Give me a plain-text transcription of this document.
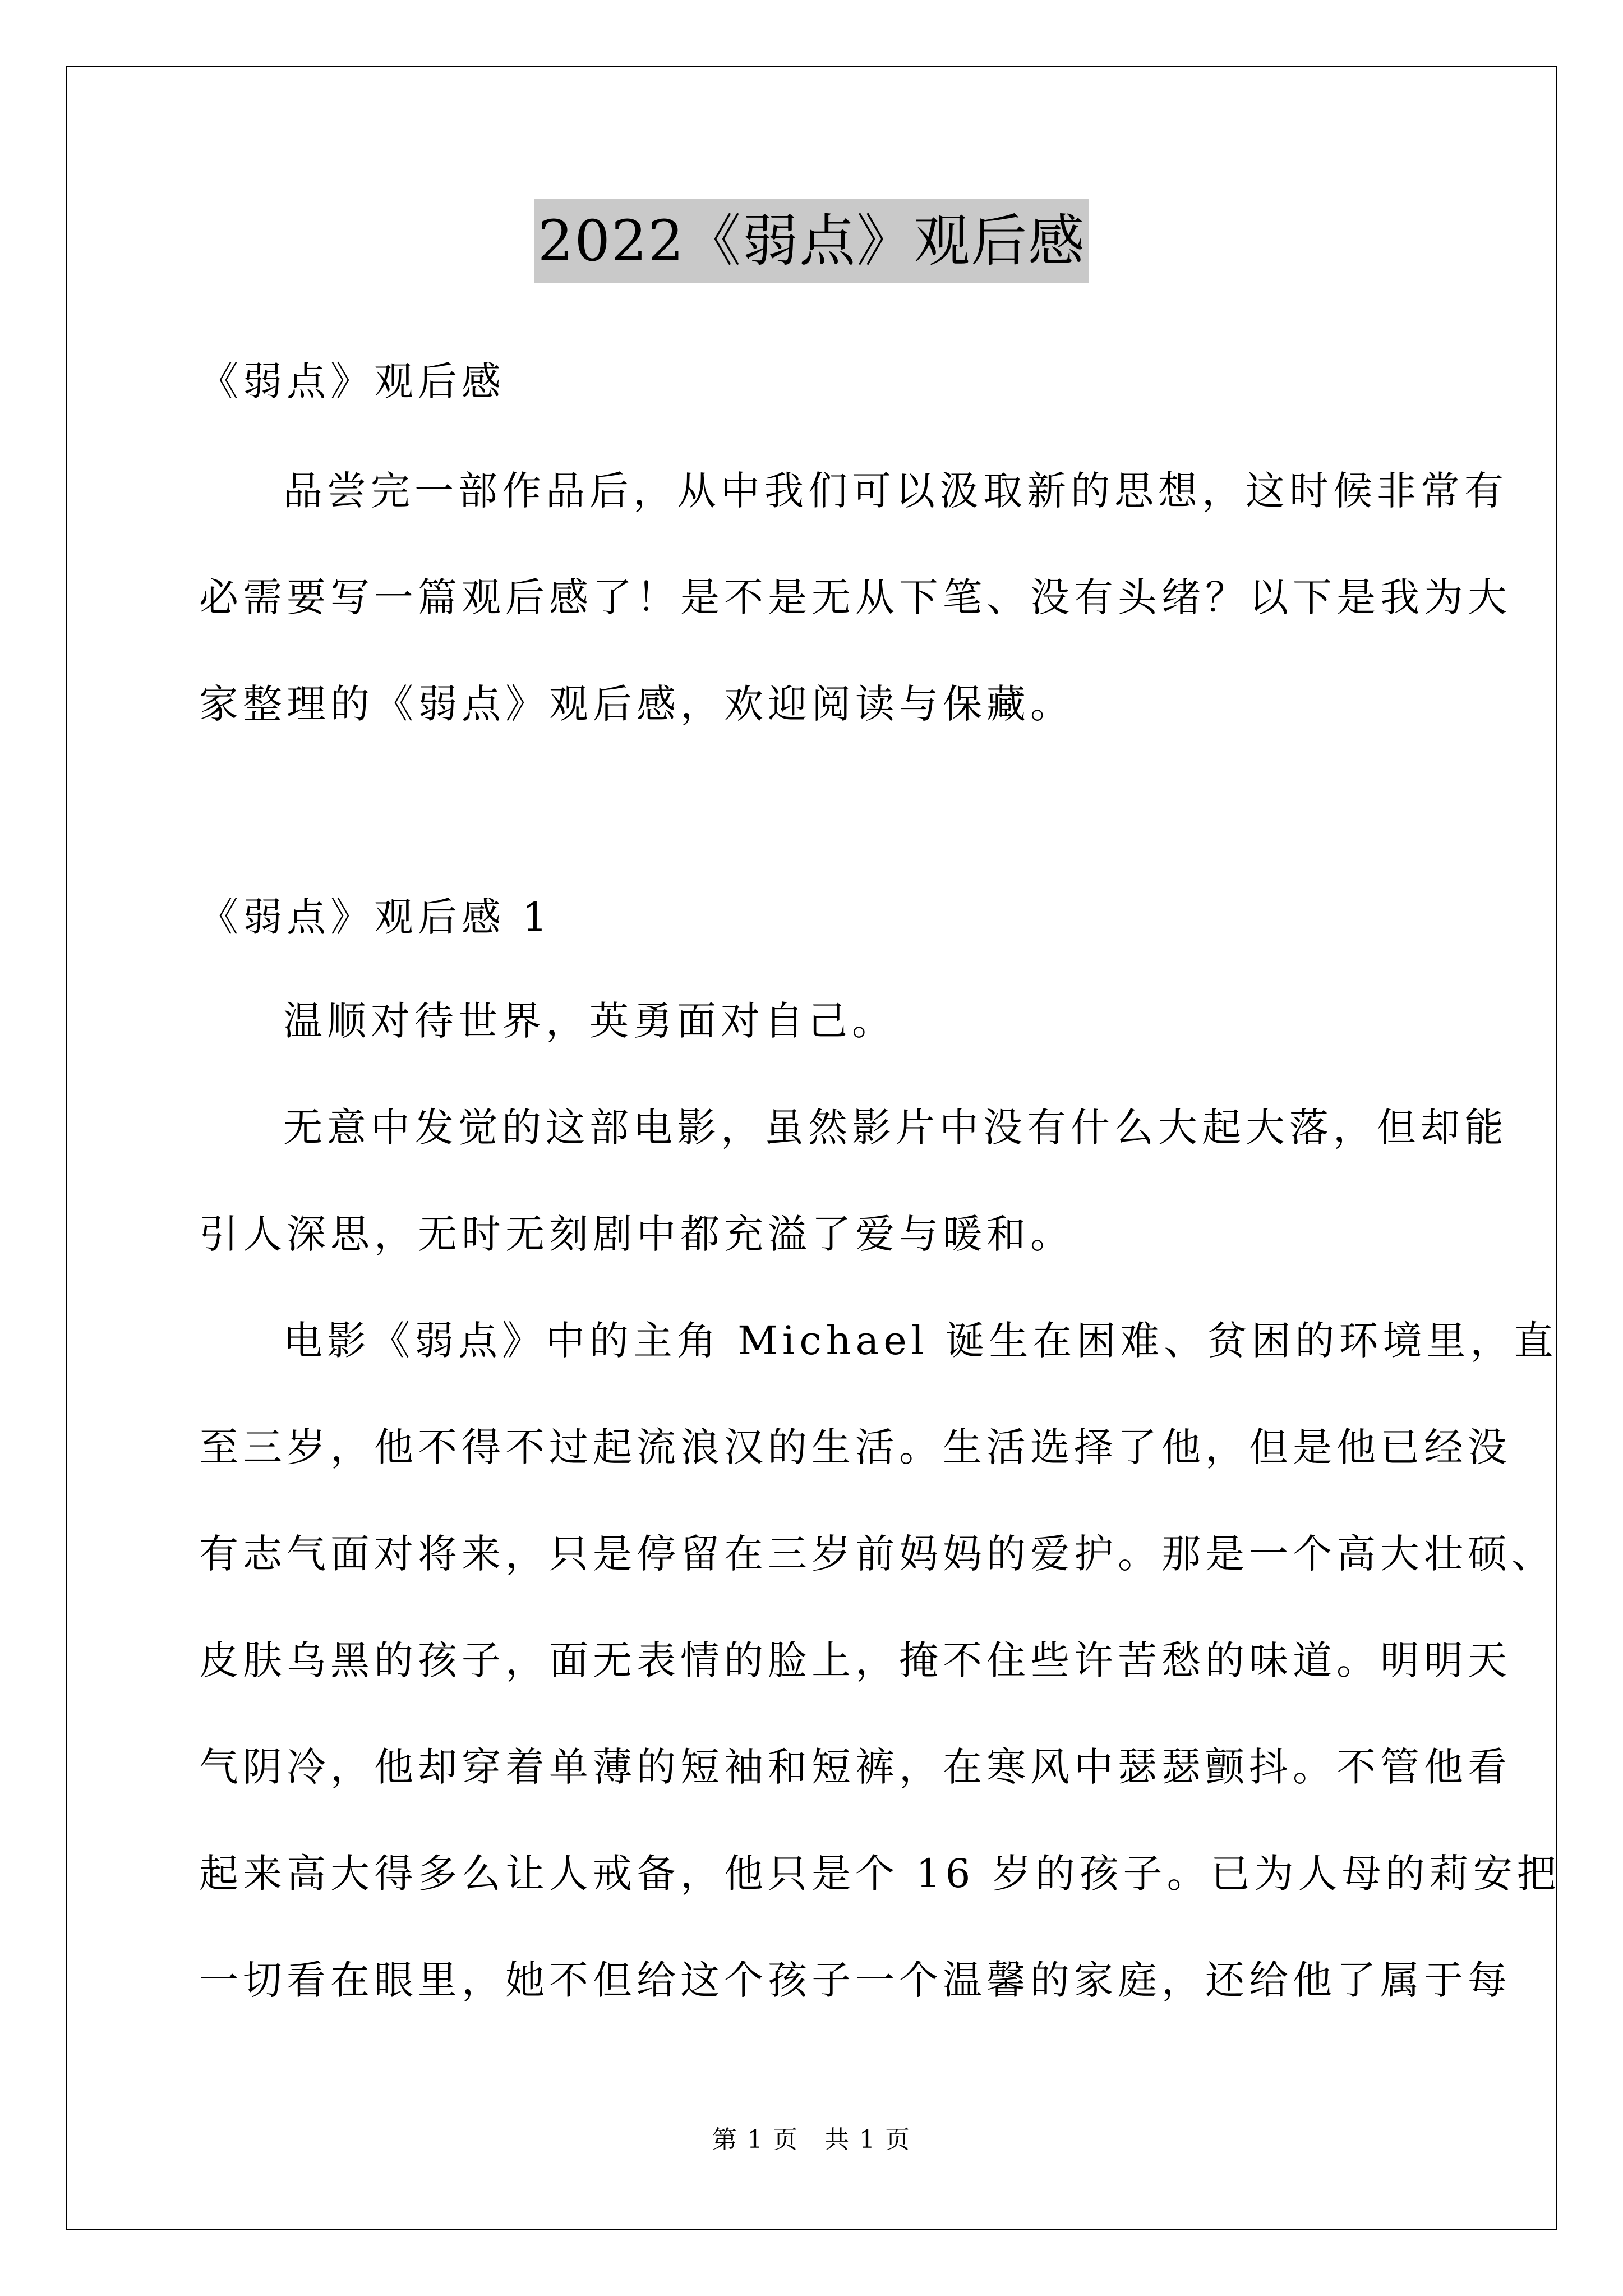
2022《弱点》观后感
《弱点》观后感
品尝完一部作品后，从中我们可以汲取新的思想，这时候非常有
必需要写一篇观后感了！是不是无从下笔、没有头绪？以下是我为大
家整理的《弱点》观后感，欢迎阅读与保藏。
《弱点》观后感 1
温顺对待世界，英勇面对自己。
无意中发觉的这部电影，虽然影片中没有什么大起大落，但却能
引人深思，无时无刻剧中都充溢了爱与暖和。
电影《弱点》中的主角 Michael 诞生在困难、贫困的环境里，直
至三岁，他不得不过起流浪汉的生活。生活选择了他，但是他已经没
有志气面对将来，只是停留在三岁前妈妈的爱护。那是一个高大壮硕、
皮肤乌黑的孩子，面无表情的脸上，掩不住些许苦愁的味道。明明天
气阴冷，他却穿着单薄的短袖和短裤，在寒风中瑟瑟颤抖。不管他看
起来高大得多么让人戒备，他只是个 16 岁的孩子。已为人母的莉安把
一切看在眼里，她不但给这个孩子一个温馨的家庭，还给他了属于每
第 1 页　共 1 页
